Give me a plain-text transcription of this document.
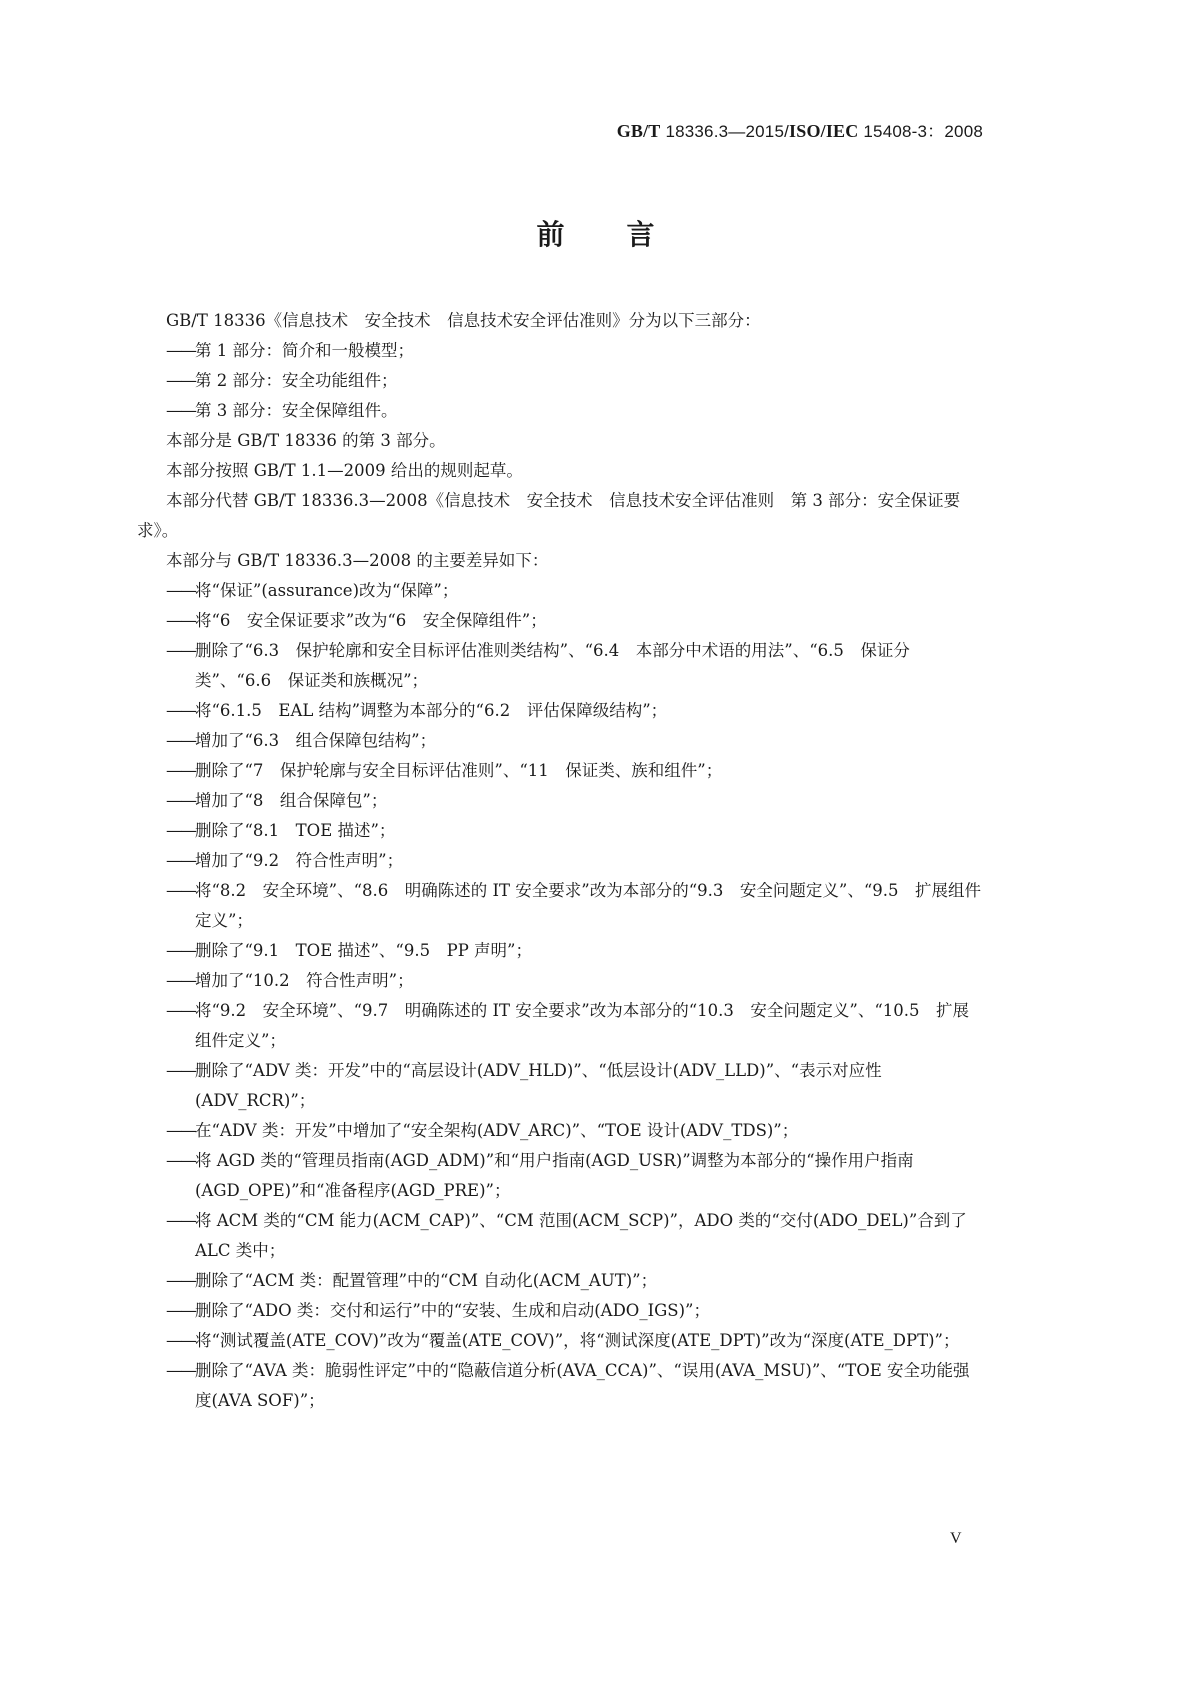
GB/T 18336.3—2015/ISO/IEC 15408-3：2008
前 言
GB/T 18336《信息技术　安全技术　信息技术安全评估准则》分为以下三部分：
——第 1 部分：简介和一般模型；
——第 2 部分：安全功能组件；
——第 3 部分：安全保障组件。
本部分是 GB/T 18336 的第 3 部分。
本部分按照 GB/T 1.1—2009 给出的规则起草。
本部分代替 GB/T 18336.3—2008《信息技术　安全技术　信息技术安全评估准则　第 3 部分：安全保证要求》。
本部分与 GB/T 18336.3—2008 的主要差异如下：
——将“保证”(assurance)改为“保障”；
——将“6　安全保证要求”改为“6　安全保障组件”；
——删除了“6.3　保护轮廓和安全目标评估准则类结构”、“6.4　本部分中术语的用法”、“6.5　保证分类”、“6.6　保证类和族概况”；
——将“6.1.5　EAL 结构”调整为本部分的“6.2　评估保障级结构”；
——增加了“6.3　组合保障包结构”；
——删除了“7　保护轮廓与安全目标评估准则”、“11　保证类、族和组件”；
——增加了“8　组合保障包”；
——删除了“8.1　TOE 描述”；
——增加了“9.2　符合性声明”；
——将“8.2　安全环境”、“8.6　明确陈述的 IT 安全要求”改为本部分的“9.3　安全问题定义”、“9.5　扩展组件定义”；
——删除了“9.1　TOE 描述”、“9.5　PP 声明”；
——增加了“10.2　符合性声明”；
——将“9.2　安全环境”、“9.7　明确陈述的 IT 安全要求”改为本部分的“10.3　安全问题定义”、“10.5　扩展组件定义”；
——删除了“ADV 类：开发”中的“高层设计(ADV_HLD)”、“低层设计(ADV_LLD)”、“表示对应性(ADV_RCR)”；
——在“ADV 类：开发”中增加了“安全架构(ADV_ARC)”、“TOE 设计(ADV_TDS)”；
——将 AGD 类的“管理员指南(AGD_ADM)”和“用户指南(AGD_USR)”调整为本部分的“操作用户指南(AGD_OPE)”和“准备程序(AGD_PRE)”；
——将 ACM 类的“CM 能力(ACM_CAP)”、“CM 范围(ACM_SCP)”，ADO 类的“交付(ADO_DEL)”合到了 ALC 类中；
——删除了“ACM 类：配置管理”中的“CM 自动化(ACM_AUT)”；
——删除了“ADO 类：交付和运行”中的“安装、生成和启动(ADO_IGS)”；
——将“测试覆盖(ATE_COV)”改为“覆盖(ATE_COV)”，将“测试深度(ATE_DPT)”改为“深度(ATE_DPT)”；
——删除了“AVA 类：脆弱性评定”中的“隐蔽信道分析(AVA_CCA)”、“误用(AVA_MSU)”、“TOE 安全功能强度(AVA SOF)”；
V
